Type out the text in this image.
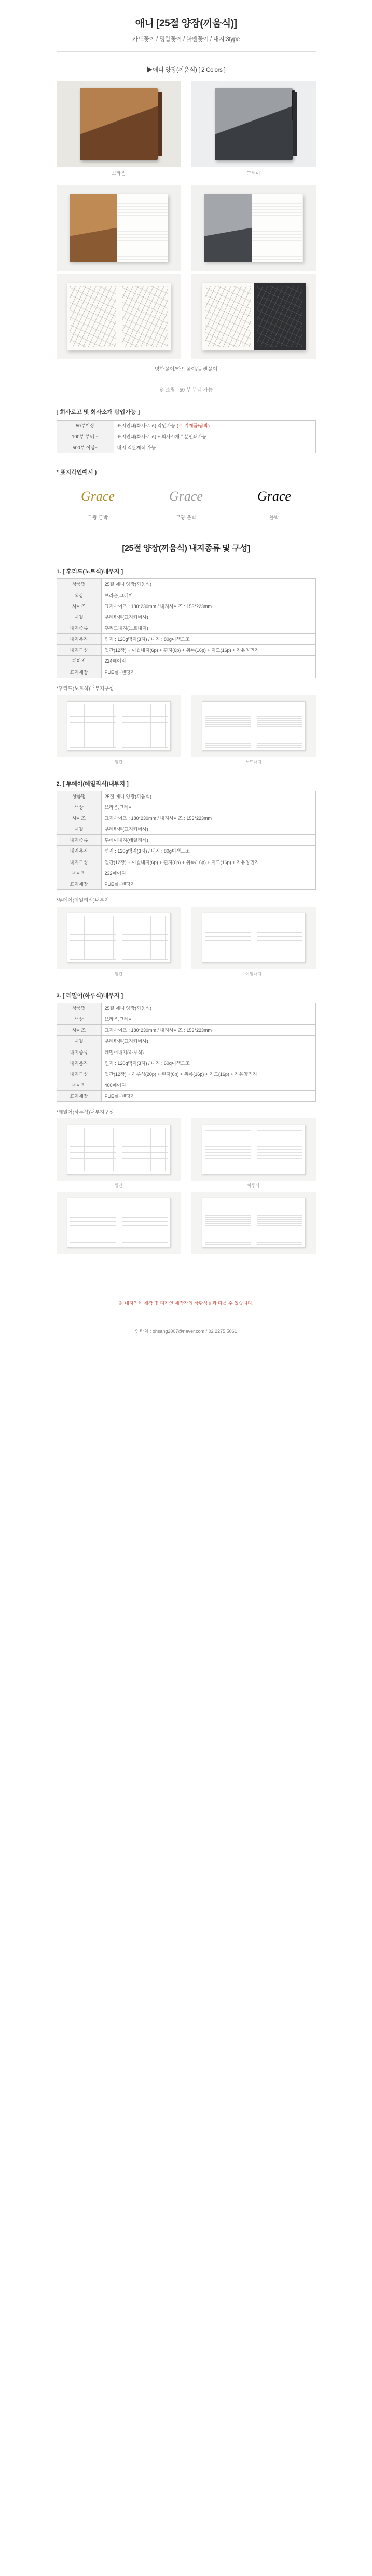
애니 [25절 양장(끼움식)]
카드꽂이 / 명함꽂이 / 볼펜꽂이 / 내지:3type
▶애니 양장(끼움식) [ 2 Colors ]
브라운	그레이
명함꽂이/카드꽂이/볼펜꽂이
※ 소량 : 50 부 부터 가능
[ 회사로고 및 회사소개 삽입가능 ]
50부이상	표지인쇄(화사로고) 각인가능 (주:기제품/금박)
100부 부터 ~	표지인쇄(화사로고) + 회사소개부분인쇄가능
500부 이상~	내지 직판제작 가능
* 표지각인예시 )
Grace
무광 금박
Grace
무광 은박
Grace
블박
[25절 양장(끼움식) 내지종류 및 구성]
1. [ 후리드(노트식)내부지 ]
상품명	25절 애니 양장(끼움식)
색상	브라운,그레이
사이즈	표지사이즈 : 180*230mm / 내지사이즈 : 153*223mm
재질	우레탄본(표지커버사)
내지종류	후리드내지(노트내지)
내지용지	먼지 : 120g백지(3자) / 내지 : 80g미색모조
내지구성	월간(12장) + 이월내지(6p) + 흰지(6p) + 위록(16p) + 지도(16p) + 자유양면지
페이지	224페이지
표지제장	PUE실+밴딩지
*후리드(노트식)내부지구성
월간	노트내지
2. [ 투데이(데일리식)내부지 ]
상품명	25절 애니 양장(끼움식)
색상	브라운,그레이
사이즈	표지사이즈 : 180*230mm / 내지사이즈 : 153*223mm
재질	우레탄본(표지커버사)
내지종류	투데이내지(데일리식)
내지용지	먼지 : 120g백지(3자) / 내지 : 80g미색모조
내지구성	월간(12장) + 이월내지(6p) + 흰지(6p) + 위록(16p) + 지도(16p) + 자유양면지
페이지	232페이지
표지제장	PUE실+밴딩지
*투데이(데일리식)내부지
월간	이월내지
3. [ 레밀어(하루식)내부지 ]
상품명	25절 애니 양장(끼움식)
색상	브라운,그레이
사이즈	표지사이즈 : 180*230mm / 내지사이즈 : 153*223mm
재질	우레탄본(표지커버사)
내지종류	레밀어내지(하루식)
내지용지	먼지 : 120g백지(3자) / 내지 : 60g미색모조
내지구성	월간(12장) + 하루식(20p) + 흰지(6p) + 위록(16p) + 지도(16p) + 자유양면지
페이지	400페이지
표지제장	PUE실+밴딩지
*레밀어(하루식)내부지구성
월간	하루식
※ 내지인쇄 제작 및 디자인 제작작업 상황성물과 다를 수 있습니다.
연락처 : ohsang2007@naver.com / 02 2275 5061
